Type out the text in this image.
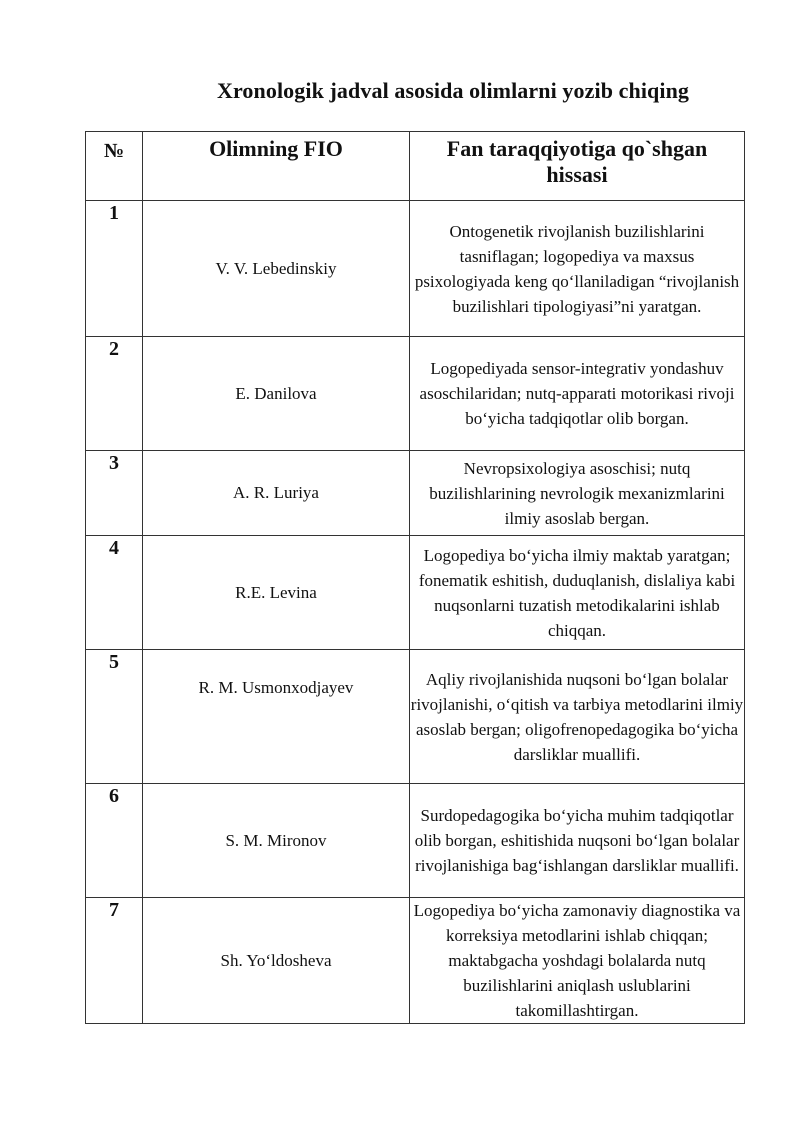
Xronologik jadval asosida olimlarni yozib chiqing
№	Olimning FIO	Fan taraqqiyotiga qo`shgan hissasi
1	V. V. Lebedinskiy	Ontogenetik rivojlanish buzilishlarini tasniflagan; logopediya va maxsus psixologiyada keng qo‘llaniladigan “rivojlanish buzilishlari tipologiyasi”ni yaratgan.
2	E. Danilova	Logopediyada sensor-integrativ yondashuv asoschilaridan; nutq-apparati motorikasi rivoji bo‘yicha tadqiqotlar olib borgan.
3	A. R. Luriya	Nevropsixologiya asoschisi; nutq buzilishlarining nevrologik mexanizmlarini ilmiy asoslab bergan.
4	R.E. Levina	Logopediya bo‘yicha ilmiy maktab yaratgan; fonematik eshitish, duduqlanish, dislaliya kabi nuqsonlarni tuzatish metodikalarini ishlab chiqqan.
5	R. M. Usmonxodjayev	Aqliy rivojlanishida nuqsoni bo‘lgan bolalar rivojlanishi, o‘qitish va tarbiya metodlarini ilmiy asoslab bergan; oligofrenopedagogika bo‘yicha darsliklar muallifi.
6	S. M. Mironov	Surdopedagogika bo‘yicha muhim tadqiqotlar olib borgan, eshitishida nuqsoni bo‘lgan bolalar rivojlanishiga bag‘ishlangan darsliklar muallifi.
7	Sh. Yo‘ldosheva	Logopediya bo‘yicha zamonaviy diagnostika va korreksiya metodlarini ishlab chiqqan; maktabgacha yoshdagi bolalarda nutq buzilishlarini aniqlash uslublarini takomillashtirgan.
